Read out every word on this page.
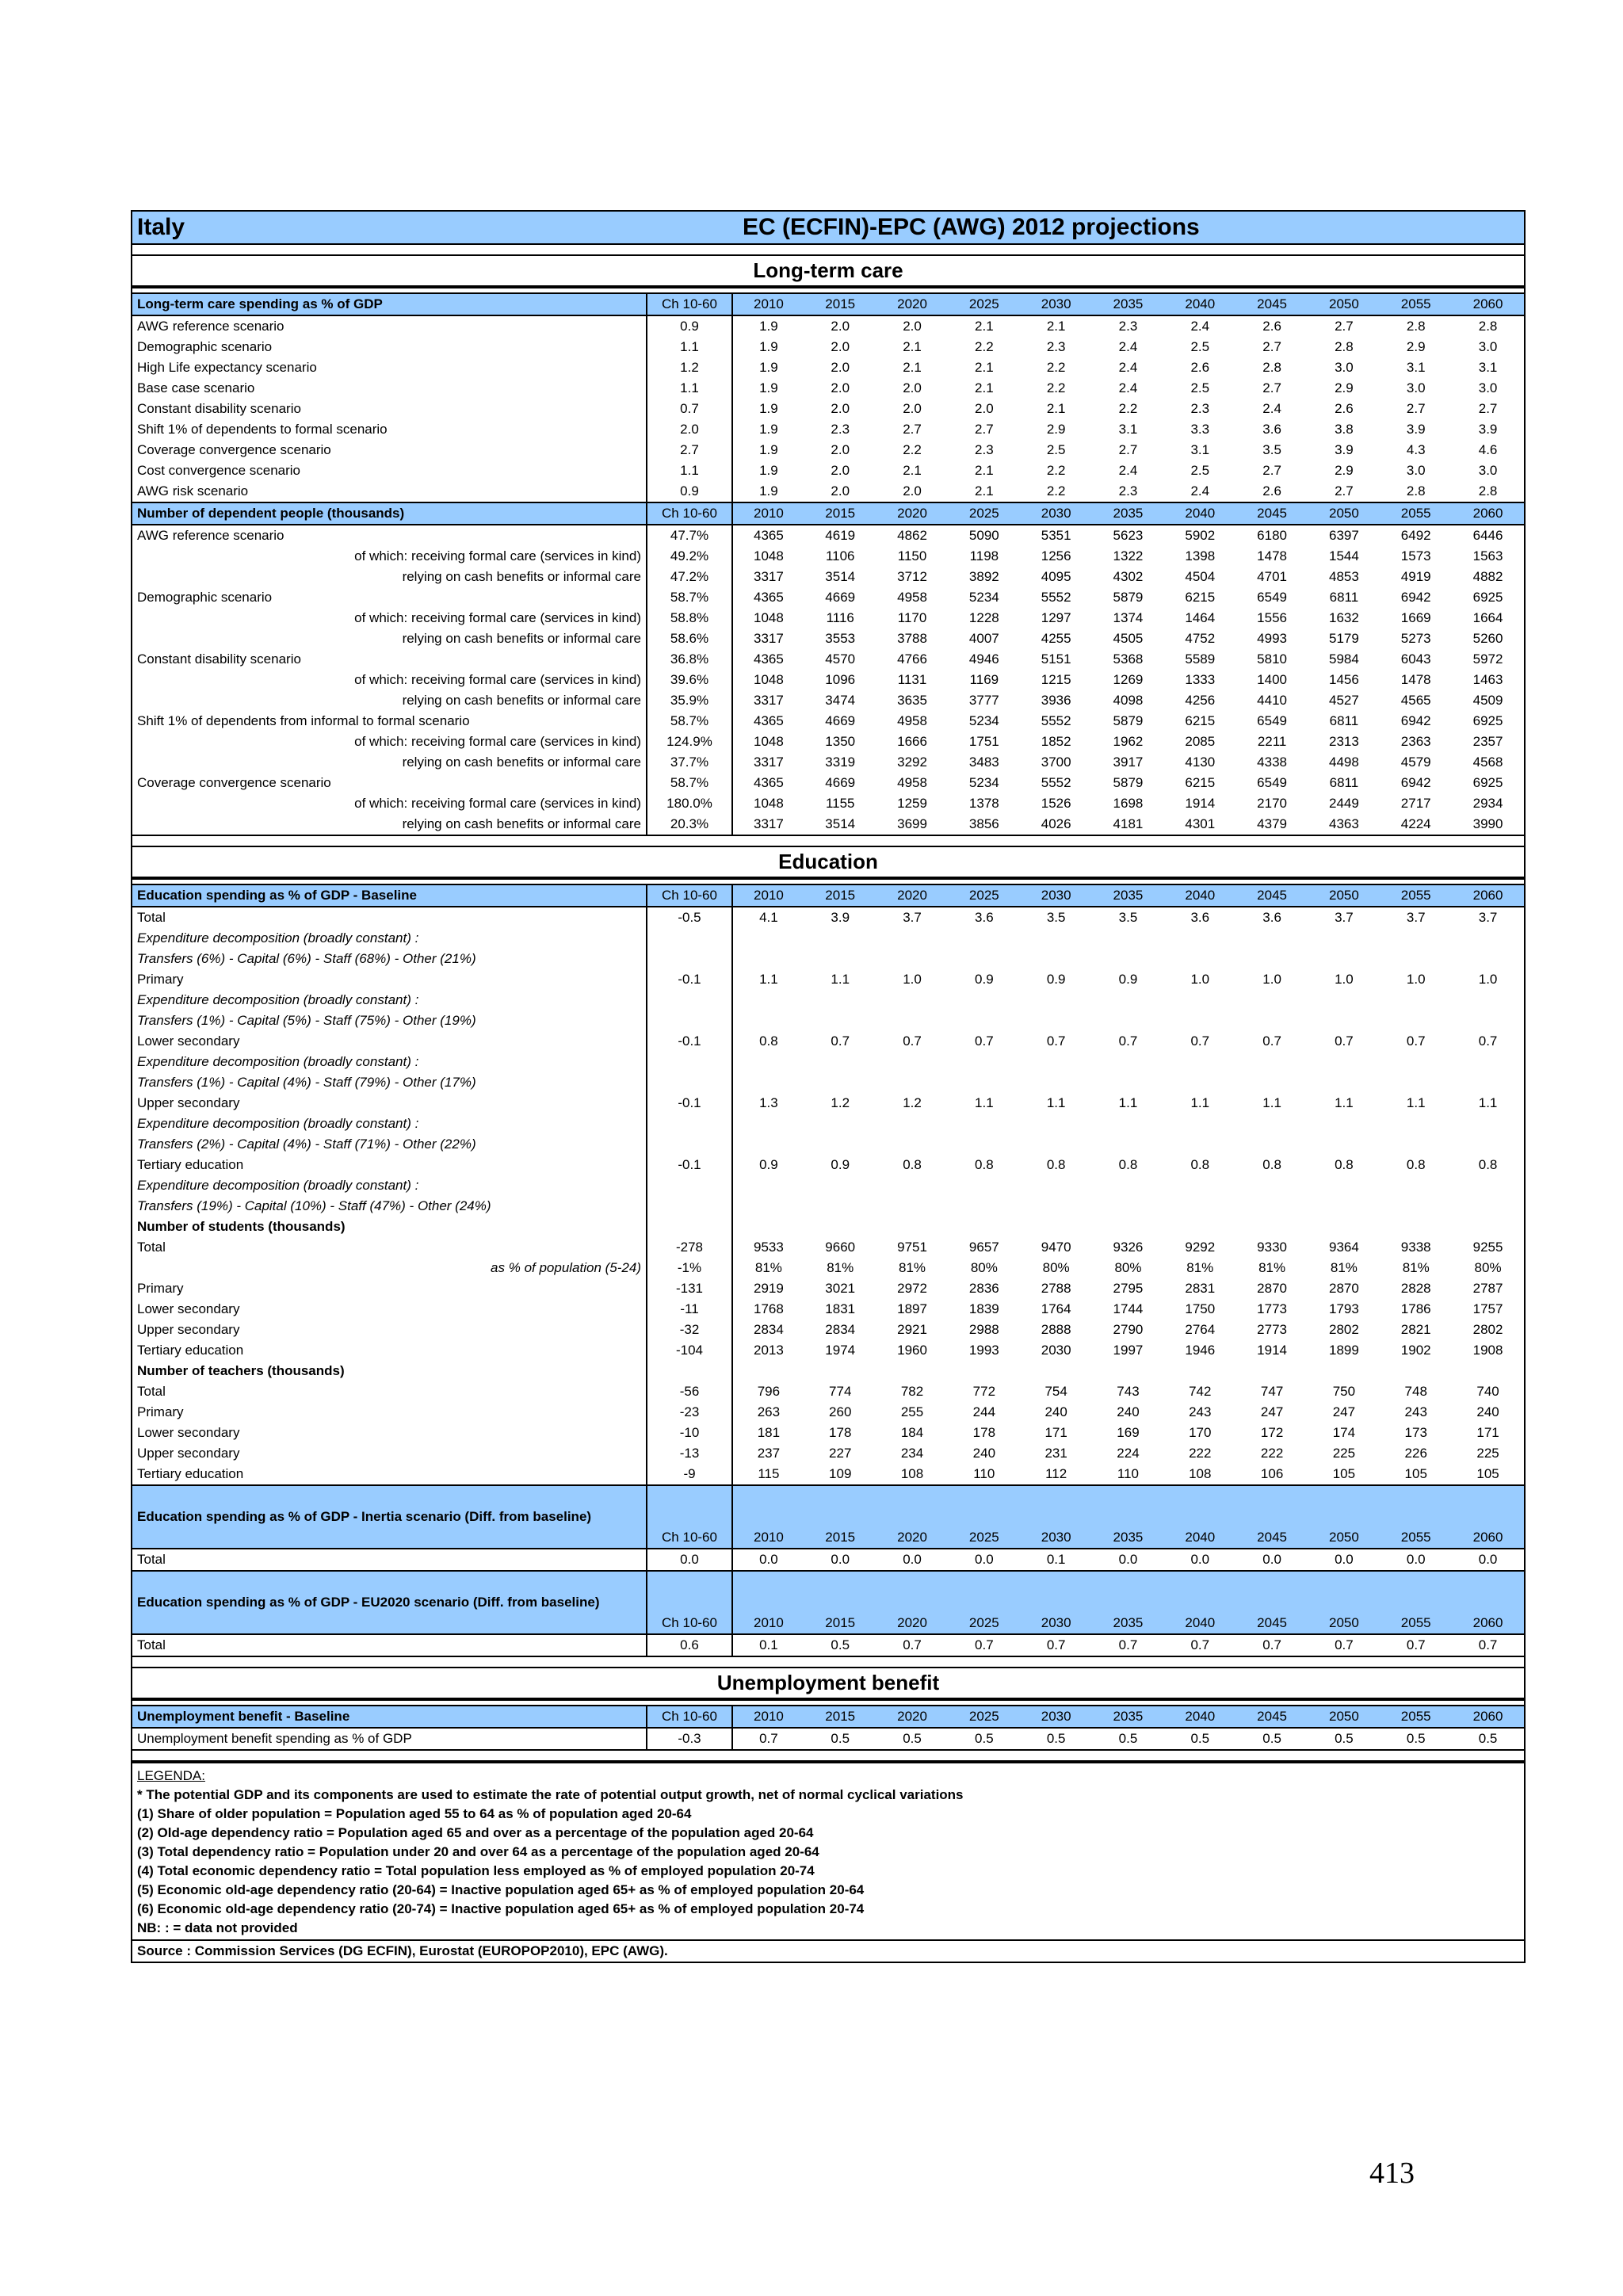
Italy	EC (ECFIN)-EPC (AWG) 2012 projections
Long-term care
Long-term care spending as % of GDP	Ch 10-60	2010	2015	2020	2025	2030	2035	2040	2045	2050	2055	2060
AWG reference scenario	0.9	1.9	2.0	2.0	2.1	2.1	2.3	2.4	2.6	2.7	2.8	2.8
Demographic scenario	1.1	1.9	2.0	2.1	2.2	2.3	2.4	2.5	2.7	2.8	2.9	3.0
High Life expectancy scenario	1.2	1.9	2.0	2.1	2.1	2.2	2.4	2.6	2.8	3.0	3.1	3.1
Base case scenario	1.1	1.9	2.0	2.0	2.1	2.2	2.4	2.5	2.7	2.9	3.0	3.0
Constant disability scenario	0.7	1.9	2.0	2.0	2.0	2.1	2.2	2.3	2.4	2.6	2.7	2.7
Shift 1% of dependents to formal scenario	2.0	1.9	2.3	2.7	2.7	2.9	3.1	3.3	3.6	3.8	3.9	3.9
Coverage convergence scenario	2.7	1.9	2.0	2.2	2.3	2.5	2.7	3.1	3.5	3.9	4.3	4.6
Cost convergence scenario	1.1	1.9	2.0	2.1	2.1	2.2	2.4	2.5	2.7	2.9	3.0	3.0
AWG risk scenario	0.9	1.9	2.0	2.0	2.1	2.2	2.3	2.4	2.6	2.7	2.8	2.8
Number of dependent people (thousands)	Ch 10-60	2010	2015	2020	2025	2030	2035	2040	2045	2050	2055	2060
AWG reference scenario	47.7%	4365	4619	4862	5090	5351	5623	5902	6180	6397	6492	6446
of which: receiving formal care (services in kind)	49.2%	1048	1106	1150	1198	1256	1322	1398	1478	1544	1573	1563
relying on cash benefits or informal care	47.2%	3317	3514	3712	3892	4095	4302	4504	4701	4853	4919	4882
Demographic scenario	58.7%	4365	4669	4958	5234	5552	5879	6215	6549	6811	6942	6925
of which: receiving formal care (services in kind)	58.8%	1048	1116	1170	1228	1297	1374	1464	1556	1632	1669	1664
relying on cash benefits or informal care	58.6%	3317	3553	3788	4007	4255	4505	4752	4993	5179	5273	5260
Constant disability scenario	36.8%	4365	4570	4766	4946	5151	5368	5589	5810	5984	6043	5972
of which: receiving formal care (services in kind)	39.6%	1048	1096	1131	1169	1215	1269	1333	1400	1456	1478	1463
relying on cash benefits or informal care	35.9%	3317	3474	3635	3777	3936	4098	4256	4410	4527	4565	4509
Shift 1% of dependents from informal to formal scenario	58.7%	4365	4669	4958	5234	5552	5879	6215	6549	6811	6942	6925
of which: receiving formal care (services in kind)	124.9%	1048	1350	1666	1751	1852	1962	2085	2211	2313	2363	2357
relying on cash benefits or informal care	37.7%	3317	3319	3292	3483	3700	3917	4130	4338	4498	4579	4568
Coverage convergence scenario	58.7%	4365	4669	4958	5234	5552	5879	6215	6549	6811	6942	6925
of which: receiving formal care (services in kind)	180.0%	1048	1155	1259	1378	1526	1698	1914	2170	2449	2717	2934
relying on cash benefits or informal care	20.3%	3317	3514	3699	3856	4026	4181	4301	4379	4363	4224	3990
Education
Education spending as % of GDP - Baseline	Ch 10-60	2010	2015	2020	2025	2030	2035	2040	2045	2050	2055	2060
Total	-0.5	4.1	3.9	3.7	3.6	3.5	3.5	3.6	3.6	3.7	3.7	3.7
Expenditure decomposition (broadly constant) :												
Transfers (6%) - Capital (6%) - Staff (68%) - Other (21%)
Primary	-0.1	1.1	1.1	1.0	0.9	0.9	0.9	1.0	1.0	1.0	1.0	1.0
Expenditure decomposition (broadly constant) :												
Transfers (1%) - Capital (5%) - Staff (75%) - Other (19%)
Lower secondary	-0.1	0.8	0.7	0.7	0.7	0.7	0.7	0.7	0.7	0.7	0.7	0.7
Expenditure decomposition (broadly constant) :												
Transfers (1%) - Capital (4%) - Staff (79%) - Other (17%)
Upper secondary	-0.1	1.3	1.2	1.2	1.1	1.1	1.1	1.1	1.1	1.1	1.1	1.1
Expenditure decomposition (broadly constant) :												
Transfers (2%) - Capital (4%) - Staff (71%) - Other (22%)
Tertiary education	-0.1	0.9	0.9	0.8	0.8	0.8	0.8	0.8	0.8	0.8	0.8	0.8
Expenditure decomposition (broadly constant) :												
Transfers (19%) - Capital (10%) - Staff (47%) - Other (24%)												
Number of students (thousands)												
Total	-278	9533	9660	9751	9657	9470	9326	9292	9330	9364	9338	9255
as % of population (5-24)	-1%	81%	81%	81%	80%	80%	80%	81%	81%	81%	81%	80%
Primary	-131	2919	3021	2972	2836	2788	2795	2831	2870	2870	2828	2787
Lower secondary	-11	1768	1831	1897	1839	1764	1744	1750	1773	1793	1786	1757
Upper secondary	-32	2834	2834	2921	2988	2888	2790	2764	2773	2802	2821	2802
Tertiary education	-104	2013	1974	1960	1993	2030	1997	1946	1914	1899	1902	1908
Number of teachers (thousands)												
Total	-56	796	774	782	772	754	743	742	747	750	748	740
Primary	-23	263	260	255	244	240	240	243	247	247	243	240
Lower secondary	-10	181	178	184	178	171	169	170	172	174	173	171
Upper secondary	-13	237	227	234	240	231	224	222	222	225	226	225
Tertiary education	-9	115	109	108	110	112	110	108	106	105	105	105
Education spending as % of GDP - Inertia scenario (Diff. from baseline)	Ch 10-60	2010	2015	2020	2025	2030	2035	2040	2045	2050	2055	2060
Total	0.0	0.0	0.0	0.0	0.0	0.1	0.0	0.0	0.0	0.0	0.0	0.0
Education spending as % of GDP - EU2020 scenario (Diff. from baseline)	Ch 10-60	2010	2015	2020	2025	2030	2035	2040	2045	2050	2055	2060
Total	0.6	0.1	0.5	0.7	0.7	0.7	0.7	0.7	0.7	0.7	0.7	0.7
Unemployment benefit
Unemployment benefit - Baseline	Ch 10-60	2010	2015	2020	2025	2030	2035	2040	2045	2050	2055	2060
Unemployment benefit spending as % of GDP	-0.3	0.7	0.5	0.5	0.5	0.5	0.5	0.5	0.5	0.5	0.5	0.5
LEGENDA:
* The potential GDP and its components are used to estimate the rate of potential output growth, net of normal cyclical variations
(1) Share of older population = Population aged 55 to 64 as % of population aged 20-64
(2) Old-age dependency ratio = Population aged 65 and over as a percentage of the population aged 20-64
(3) Total dependency ratio = Population under 20 and over 64 as a percentage of the population aged 20-64
(4) Total economic dependency ratio = Total population less employed as % of employed population 20-74
(5) Economic old-age dependency ratio (20-64) = Inactive population aged 65+ as % of employed population 20-64
(6) Economic old-age dependency ratio (20-74) = Inactive population aged 65+ as % of employed population 20-74
NB: : = data not provided
Source : Commission Services (DG ECFIN), Eurostat (EUROPOP2010), EPC (AWG).
413
